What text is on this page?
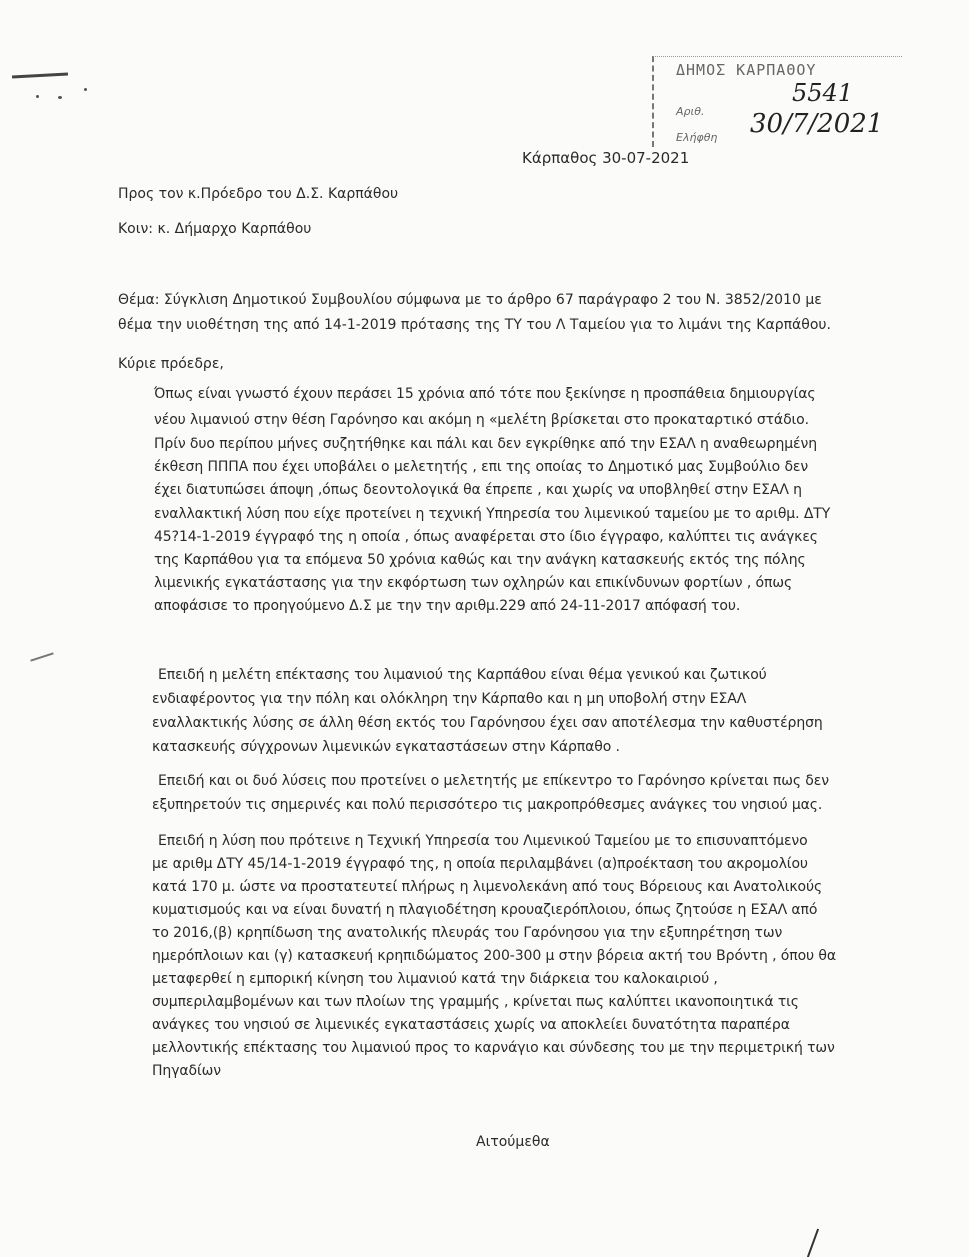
ΔΗΜΟΣ ΚΑΡΠΑΘΟΥ
Αριθ.
Ελήφθη
5541
30/7/2021
Κάρπαθος 30-07-2021
Προς τον κ.Πρόεδρο του Δ.Σ. Καρπάθου
Κοιν: κ. Δήμαρχο Καρπάθου
Θέμα: Σύγκλιση Δημοτικού Συμβουλίου σύμφωνα με το άρθρο 67 παράγραφο 2 του Ν. 3852/2010 με
θέμα την υιοθέτηση της από 14-1-2019 πρότασης της ΤΥ του Λ Ταμείου για το λιμάνι της Καρπάθου.
Κύριε πρόεδρε,
Όπως είναι γνωστό έχουν περάσει 15 χρόνια από τότε που ξεκίνησε η προσπάθεια δημιουργίας
νέου λιμανιού στην θέση Γαρόνησο και ακόμη η «μελέτη βρίσκεται στο προκαταρτικό στάδιο.
Πρίν δυο περίπου μήνες συζητήθηκε και πάλι και δεν εγκρίθηκε από την ΕΣΑΛ η αναθεωρημένη
έκθεση ΠΠΠΑ που έχει υποβάλει ο μελετητής , επι της οποίας το Δημοτικό μας Συμβούλιο δεν
έχει διατυπώσει άποψη ,όπως δεοντολογικά θα έπρεπε , και χωρίς να υποβληθεί στην ΕΣΑΛ η
εναλλακτική λύση που είχε προτείνει η τεχνική Υπηρεσία του λιμενικού ταμείου με το αριθμ. ΔΤΥ
45?14-1-2019 έγγραφό της η οποία , όπως αναφέρεται στο ίδιο έγγραφο, καλύπτει τις ανάγκες
της Καρπάθου για τα επόμενα 50 χρόνια καθώς και την ανάγκη κατασκευής εκτός της πόλης
λιμενικής εγκατάστασης για την εκφόρτωση των οχληρών και επικίνδυνων φορτίων , όπως
αποφάσισε το προηγούμενο Δ.Σ με την την αριθμ.229 από 24-11-2017 απόφασή του.
Επειδή η μελέτη επέκτασης του λιμανιού της Καρπάθου είναι θέμα γενικού και ζωτικού
ενδιαφέροντος για την πόλη και ολόκληρη την Κάρπαθο και η μη υποβολή στην ΕΣΑΛ
εναλλακτικής λύσης σε άλλη θέση εκτός του Γαρόνησου έχει σαν αποτέλεσμα την καθυστέρηση
κατασκευής σύγχρονων λιμενικών εγκαταστάσεων στην Κάρπαθο .
Επειδή και οι δυό λύσεις που προτείνει ο μελετητής με επίκεντρο το Γαρόνησο κρίνεται πως δεν
εξυπηρετούν τις σημερινές και πολύ περισσότερο τις μακροπρόθεσμες ανάγκες του νησιού μας.
Επειδή η λύση που πρότεινε η Τεχνική Υπηρεσία του Λιμενικού Ταμείου με το επισυναπτόμενο
με αριθμ ΔΤΥ 45/14-1-2019 έγγραφό της, η οποία περιλαμβάνει (α)προέκταση του ακρομολίου
κατά 170 μ. ώστε να προστατευτεί πλήρως η λιμενολεκάνη από τους Βόρειους και Ανατολικούς
κυματισμούς και να είναι δυνατή η πλαγιοδέτηση κρουαζιερόπλοιου, όπως ζητούσε η ΕΣΑΛ από
το 2016,(β) κρηπίδωση της ανατολικής πλευράς του Γαρόνησου για την εξυπηρέτηση των
ημερόπλοιων και (γ) κατασκευή κρηπιδώματος 200-300 μ στην βόρεια ακτή του Βρόντη , όπου θα
μεταφερθεί η εμπορική κίνηση του λιμανιού κατά την διάρκεια του καλοκαιριού ,
συμπεριλαμβομένων και των πλοίων της γραμμής , κρίνεται πως καλύπτει ικανοποιητικά τις
ανάγκες του νησιού σε λιμενικές εγκαταστάσεις χωρίς να αποκλείει δυνατότητα παραπέρα
μελλοντικής επέκτασης του λιμανιού προς το καρνάγιο και σύνδεσης του με την περιμετρική των
Πηγαδίων
Αιτούμεθα
